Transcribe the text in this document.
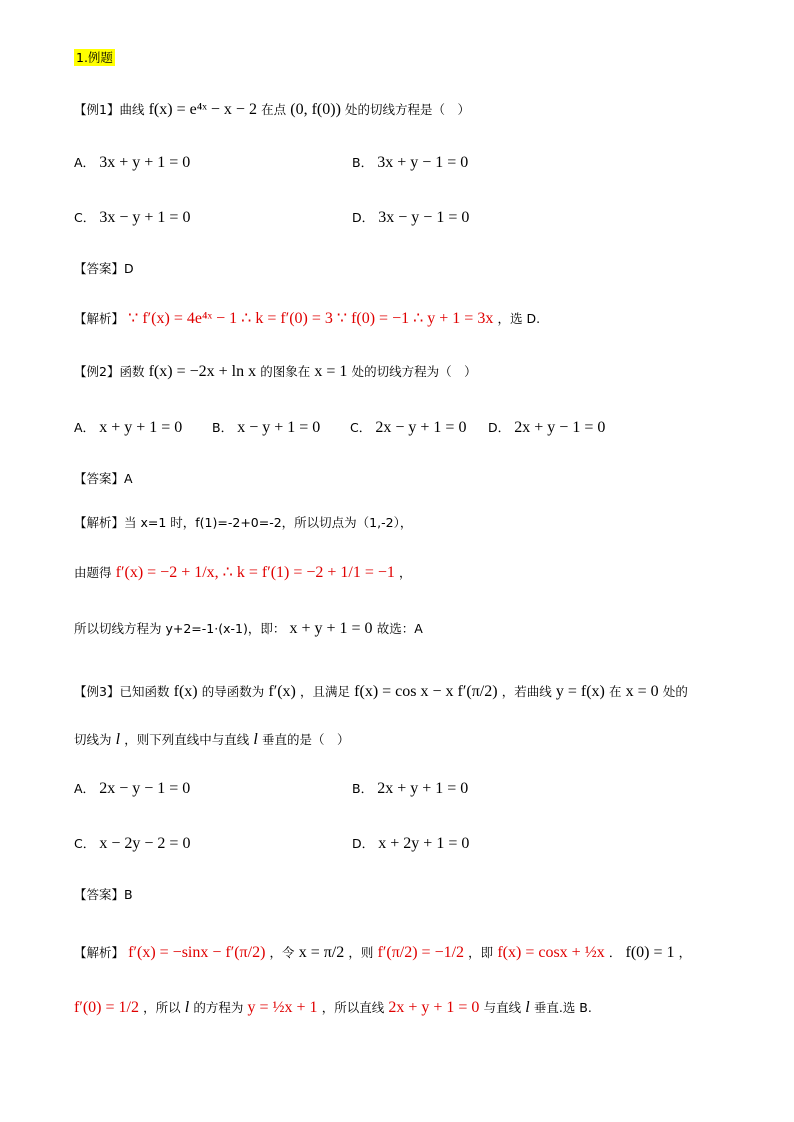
1.例题
【例1】曲线 f(x) = e⁴ˣ − x − 2 在点 (0, f(0)) 处的切线方程是（　）
A． 3x + y + 1 = 0	B． 3x + y − 1 = 0
C． 3x − y + 1 = 0	D． 3x − y − 1 = 0
【答案】D
【解析】 ∵ f′(x) = 4e⁴ˣ − 1 ∴ k = f′(0) = 3 ∵ f(0) = −1 ∴ y + 1 = 3x ，选 D.
【例2】函数 f(x) = −2x + ln x 的图象在 x = 1 处的切线方程为（　）
A． x + y + 1 = 0 B． x − y + 1 = 0 C． 2x − y + 1 = 0 D． 2x + y − 1 = 0
【答案】A
【解析】当 x=1 时，f(1)=-2+0=-2，所以切点为（1,-2），
由题得 f′(x) = −2 + 1/x, ∴ k = f′(1) = −2 + 1/1 = −1 ，
所以切线方程为 y+2=-1·(x-1)，即： x + y + 1 = 0 故选：A
【例3】已知函数 f(x) 的导函数为 f′(x) ，且满足 f(x) = cos x − x f′(π/2) ，若曲线 y = f(x) 在 x = 0 处的
切线为 l ，则下列直线中与直线 l 垂直的是（　）
A． 2x − y − 1 = 0	B． 2x + y + 1 = 0
C． x − 2y − 2 = 0	D． x + 2y + 1 = 0
【答案】B
【解析】 f′(x) = −sinx − f′(π/2) ，令 x = π/2 ，则 f′(π/2) = −1/2 ，即 f(x) = cosx + ½x ． f(0) = 1 ，
f′(0) = 1/2 ，所以 l 的方程为 y = ½x + 1 ，所以直线 2x + y + 1 = 0 与直线 l 垂直.选 B.
